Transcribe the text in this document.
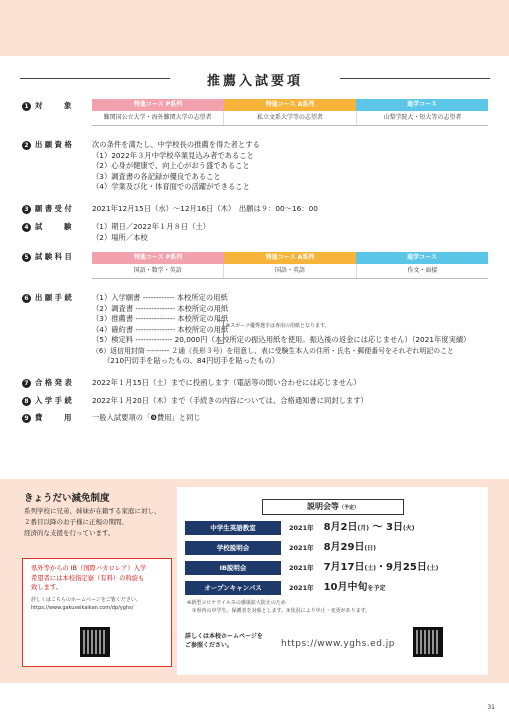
推薦入試要項
1 対　　　象	特進コース P系列	特進コース A系列	進学コース
難関国公立大学・海外難関大学の志望者	私立文系大学等の志望者	山梨学院大・短大等の志望者
2 出 願 資 格	次の条件を満たし、中学校長の推薦を得た者とする
（1）2022年３月中学校卒業見込み者であること
（2）心身が健康で、向上心がおう盛であること
（3）調査書の各記録が優良であること
（4）学業及び化・体育面での活躍ができること
3 願 書 受 付	2021年12月15日（水）～12月16日（木）　出願は９：00～16：00
4 試　　　験	（1）期日／2022年１月８日（土）
（2）場所／本校
5 試 験 科 目	特進コース P系列	特進コース A系列	進学コース
国語・数学・英語	国語・英語	作文・面接
6 出 願 手 続	（1）入学願書 ------------ 本校所定の用紙
（2）調査書 --------------- 本校所定の用紙
（3）推薦書 --------------- 本校所定の用紙
（4）確約書 --------------- 本校所定の用紙
（5）検定料 -------------- 20,000円（本校所定の振込用紙を使用。振込後の返金には応じません）（2021年度実績）
（6）返信用封筒 --------- ２通（長形３号）を用意し、表に受験生本人の住所・氏名・郵便番号をそれぞれ明記のこと
　　（210円切手を貼ったもの、84円切手を貼ったもの）
※スポーツ優秀選手は専用の用紙となります。
7 合 格 発 表	2022年１月15日（土）までに投函します（電話等の問い合わせには応じません）
8 入 学 手 続	2022年１月20日（木）まで（手続きの内容については、合格通知書に同封します）
9 費　　　用	一般入試要項の「❾費用」と同じ
きょうだい減免制度
系列学校に兄弟、姉妹が在籍する家庭に対し、
２番目以降のお子様に正規の期間、
経済的な支援を行っています。
県外等からの IB（国際バカロレア）入学
希望者には本校指定寮（有料）の斡旋も
致します。
詳しくはこちらのホームページをご覧ください。
https://www.gakuseikaikan.com/dp/yghs/
説明会等（予定）
中学生英語教室	2021年 8月2日(月) ～ 3日(火)
学校説明会	2021年 8月29日(日)
IB説明会	2021年 7月17日(土)・9月25日(土)
オープンキャンパス	2021年 10月中旬を予定
※新型コロナウイルスの感染拡大防止のため
　①県内の中学生、保護者を対象とします。②状況により中止・変更があります。
詳しくは本校ホームページを
ご参照ください。	https://www.yghs.ed.jp
31
